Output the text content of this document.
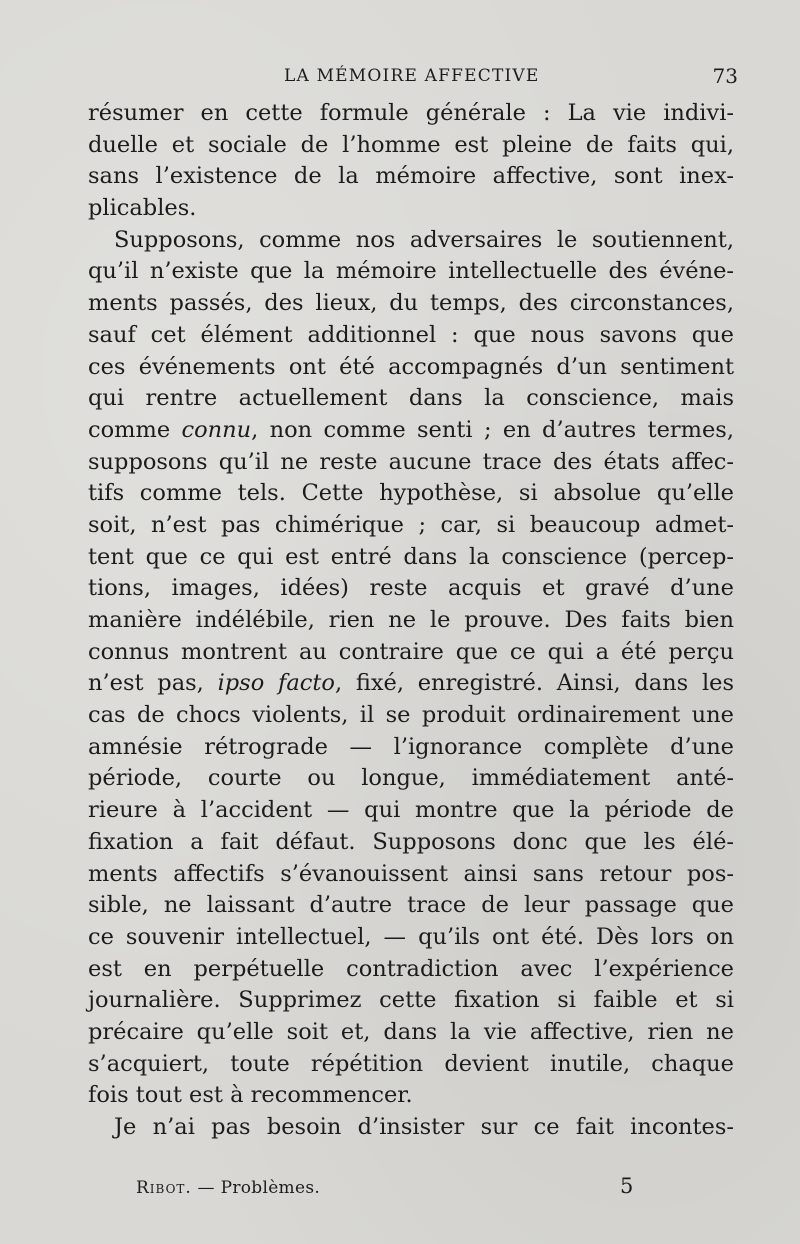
LA MÉMOIRE AFFECTIVE	73
résumer en cette formule générale : La vie indivi-
duelle et sociale de l’homme est pleine de faits qui,
sans l’existence de la mémoire affective, sont inex-
plicables.
Supposons, comme nos adversaires le soutiennent,
qu’il n’existe que la mémoire intellectuelle des événe-
ments passés, des lieux, du temps, des circonstances,
sauf cet élément additionnel : que nous savons que
ces événements ont été accompagnés d’un sentiment
qui rentre actuellement dans la conscience, mais
comme connu, non comme senti ; en d’autres termes,
supposons qu’il ne reste aucune trace des états affec-
tifs comme tels. Cette hypothèse, si absolue qu’elle
soit, n’est pas chimérique ; car, si beaucoup admet-
tent que ce qui est entré dans la conscience (percep-
tions, images, idées) reste acquis et gravé d’une
manière indélébile, rien ne le prouve. Des faits bien
connus montrent au contraire que ce qui a été perçu
n’est pas, ipso facto, fixé, enregistré. Ainsi, dans les
cas de chocs violents, il se produit ordinairement une
amnésie rétrograde — l’ignorance complète d’une
période, courte ou longue, immédiatement anté-
rieure à l’accident — qui montre que la période de
fixation a fait défaut. Supposons donc que les élé-
ments affectifs s’évanouissent ainsi sans retour pos-
sible, ne laissant d’autre trace de leur passage que
ce souvenir intellectuel, — qu’ils ont été. Dès lors on
est en perpétuelle contradiction avec l’expérience
journalière. Supprimez cette fixation si faible et si
précaire qu’elle soit et, dans la vie affective, rien ne
s’acquiert, toute répétition devient inutile, chaque
fois tout est à recommencer.
Je n’ai pas besoin d’insister sur ce fait incontes-
Ribot. — Problèmes.	5
